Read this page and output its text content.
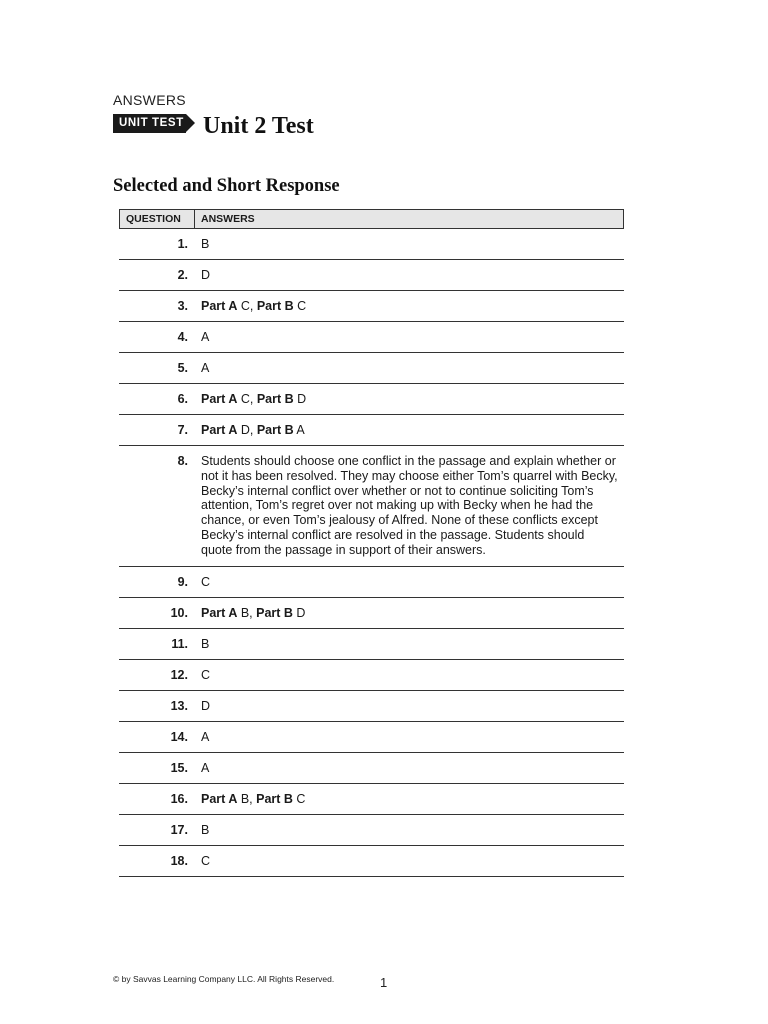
ANSWERS
UNIT TEST Unit 2 Test
Selected and Short Response
QUESTION	ANSWERS
1.	B
2.	D
3.	Part A C, Part B C
4.	A
5.	A
6.	Part A C, Part B D
7.	Part A D, Part B A
8.	Students should choose one conflict in the passage and explain whether or not it has been resolved. They may choose either Tom’s quarrel with Becky, Becky’s internal conflict over whether or not to continue soliciting Tom’s attention, Tom’s regret over not making up with Becky when he had the chance, or even Tom’s jealousy of Alfred. None of these conflicts except Becky’s internal conflict are resolved in the passage. Students should quote from the passage in support of their answers.
9.	C
10.	Part A B, Part B D
11.	B
12.	C
13.	D
14.	A
15.	A
16.	Part A B, Part B C
17.	B
18.	C
© by Savvas Learning Company LLC. All Rights Reserved.	1
